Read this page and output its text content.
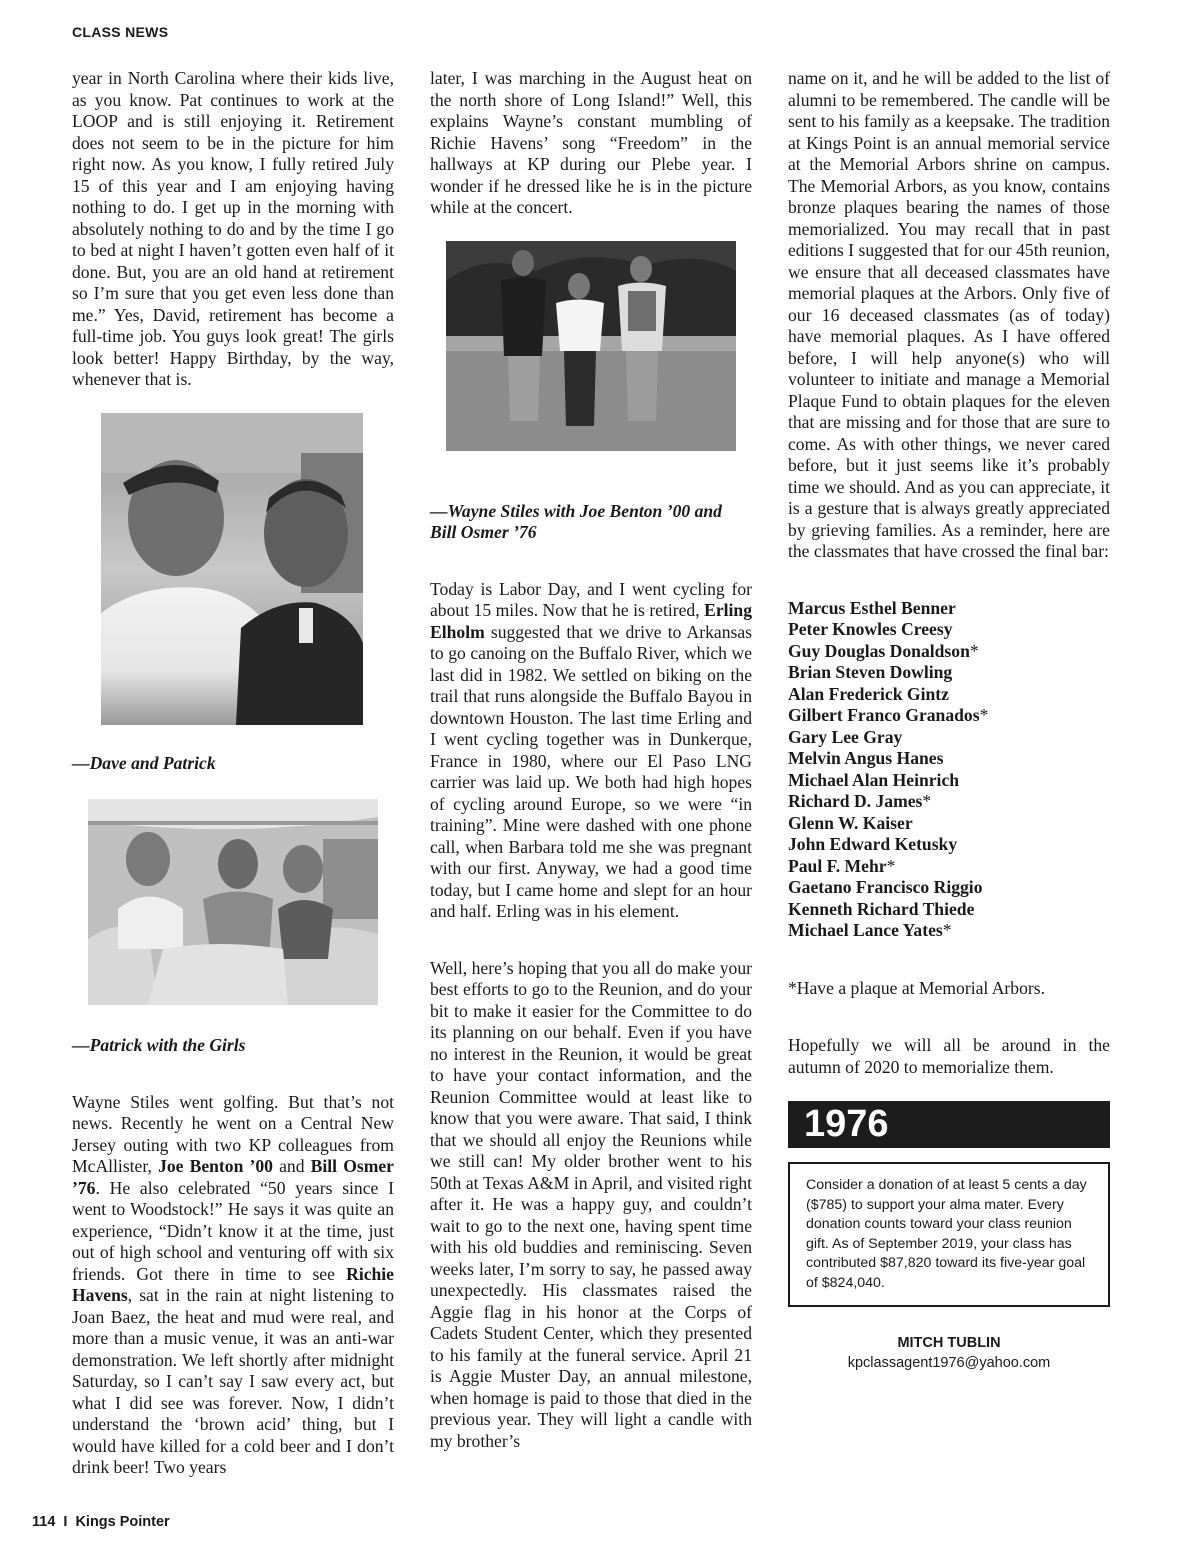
CLASS NEWS

year in North Carolina where their kids live, as you know. Pat continues to work at the LOOP and is still enjoying it. Retirement does not seem to be in the picture for him right now. As you know, I fully retired July 15 of this year and I am enjoying having nothing to do. I get up in the morning with absolutely nothing to do and by the time I go to bed at night I haven’t gotten even half of it done. But, you are an old hand at retirement so I’m sure that you get even less done than me.” Yes, David, retirement has become a full-time job. You guys look great! The girls look better! Happy Birthday, by the way, whenever that is.

—Dave and Patrick

—Patrick with the Girls

Wayne Stiles went golfing. But that’s not news. Recently he went on a Central New Jersey outing with two KP colleagues from McAllister, Joe Benton ’00 and Bill Osmer ’76. He also celebrated “50 years since I went to Woodstock!” He says it was quite an experience, “Didn’t know it at the time, just out of high school and venturing off with six friends. Got there in time to see Richie Havens, sat in the rain at night listening to Joan Baez, the heat and mud were real, and more than a music venue, it was an anti-war demonstration. We left shortly after midnight Saturday, so I can’t say I saw every act, but what I did see was forever. Now, I didn’t understand the ‘brown acid’ thing, but I would have killed for a cold beer and I don’t drink beer! Two years

later, I was marching in the August heat on the north shore of Long Island!” Well, this explains Wayne’s constant mumbling of Richie Havens’ song “Freedom” in the hallways at KP during our Plebe year. I wonder if he dressed like he is in the picture while at the concert.

—Wayne Stiles with Joe Benton ’00 and Bill Osmer ’76

Today is Labor Day, and I went cycling for about 15 miles. Now that he is retired, Erling Elholm suggested that we drive to Arkansas to go canoing on the Buffalo River, which we last did in 1982. We settled on biking on the trail that runs alongside the Buffalo Bayou in downtown Houston. The last time Erling and I went cycling together was in Dunkerque, France in 1980, where our El Paso LNG carrier was laid up. We both had high hopes of cycling around Europe, so we were “in training”. Mine were dashed with one phone call, when Barbara told me she was pregnant with our first. Anyway, we had a good time today, but I came home and slept for an hour and half. Erling was in his element.

Well, here’s hoping that you all do make your best efforts to go to the Reunion, and do your bit to make it easier for the Committee to do its planning on our behalf. Even if you have no interest in the Reunion, it would be great to have your contact information, and the Reunion Committee would at least like to know that you were aware. That said, I think that we should all enjoy the Reunions while we still can! My older brother went to his 50th at Texas A&M in April, and visited right after it. He was a happy guy, and couldn’t wait to go to the next one, having spent time with his old buddies and reminiscing. Seven weeks later, I’m sorry to say, he passed away unexpectedly. His classmates raised the Aggie flag in his honor at the Corps of Cadets Student Center, which they presented to his family at the funeral service. April 21 is Aggie Muster Day, an annual milestone, when homage is paid to those that died in the previous year. They will light a candle with my brother’s

name on it, and he will be added to the list of alumni to be remembered. The candle will be sent to his family as a keepsake. The tradition at Kings Point is an annual memorial service at the Memorial Arbors shrine on campus. The Memorial Arbors, as you know, contains bronze plaques bearing the names of those memorialized. You may recall that in past editions I suggested that for our 45th reunion, we ensure that all deceased classmates have memorial plaques at the Arbors. Only five of our 16 deceased classmates (as of today) have memorial plaques. As I have offered before, I will help anyone(s) who will volunteer to initiate and manage a Memorial Plaque Fund to obtain plaques for the eleven that are missing and for those that are sure to come. As with other things, we never cared before, but it just seems like it’s probably time we should. And as you can appreciate, it is a gesture that is always greatly appreciated by grieving families. As a reminder, here are the classmates that have crossed the final bar:

Marcus Esthel Benner
Peter Knowles Creesy
Guy Douglas Donaldson*
Brian Steven Dowling
Alan Frederick Gintz
Gilbert Franco Granados*
Gary Lee Gray
Melvin Angus Hanes
Michael Alan Heinrich
Richard D. James*
Glenn W. Kaiser
John Edward Ketusky
Paul F. Mehr*
Gaetano Francisco Riggio
Kenneth Richard Thiede
Michael Lance Yates*

*Have a plaque at Memorial Arbors.

Hopefully we will all be around in the autumn of 2020 to memorialize them.

1976
Consider a donation of at least 5 cents a day ($785) to support your alma mater. Every donation counts toward your class reunion gift. As of September 2019, your class has contributed $87,820 toward its five-year goal of $824,040.
MITCH TUBLIN
kpclassagent1976@yahoo.com
114 I Kings Pointer
